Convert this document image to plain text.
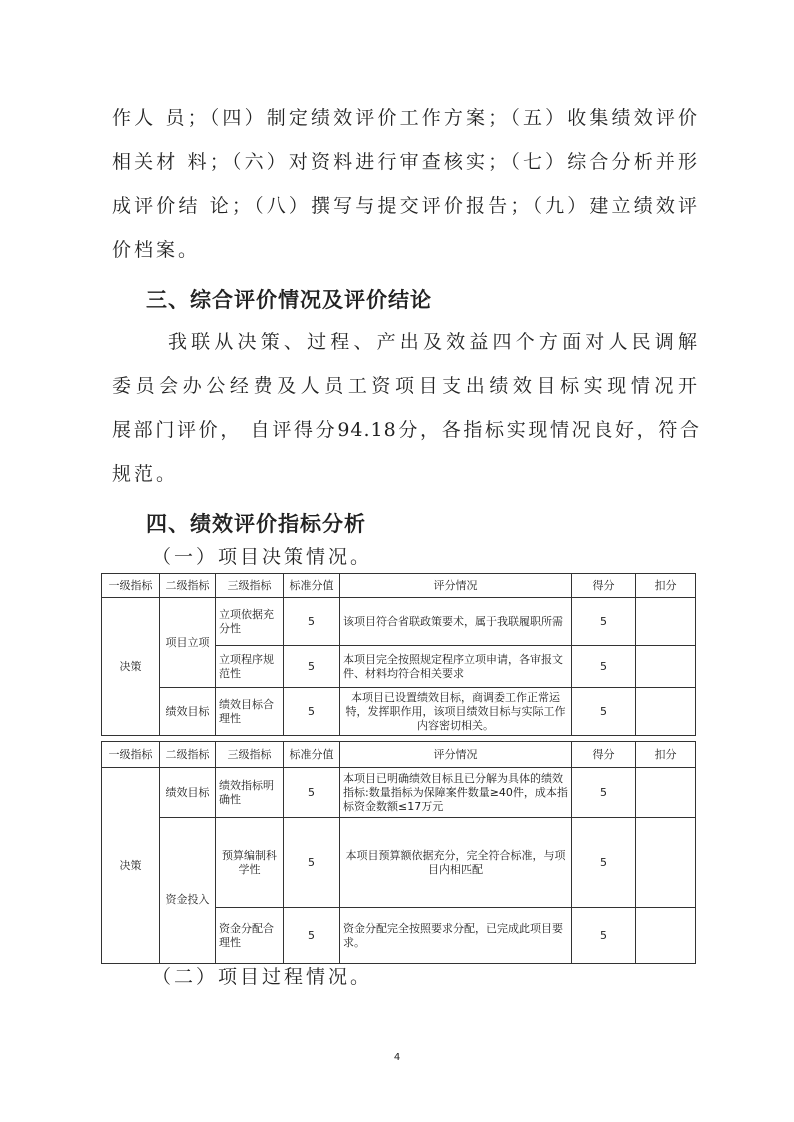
作人 员；（四）制定绩效评价工作方案；（五）收集绩效评价
相关材 料；（六）对资料进行审查核实；（七）综合分析并形
成评价结 论；（八）撰写与提交评价报告；（九）建立绩效评
价档案。
三、综合评价情况及评价结论
我联从决策、过程、产出及效益四个方面对人民调解
委员会办公经费及人员工资项目支出绩效目标实现情况开
展部门评价， 自评得分94.18分，各指标实现情况良好，符合
规范。
四、绩效评价指标分析
（一）项目决策情况。
一级指标	二级指标	三级指标	标准分值	评分情况	得分	扣分
决策	项目立项	立项依据充分性	5	该项目符合省联政策要术，属于我联履职所需	5	
		立项程序规范性	5	本项目完全按照规定程序立项申请，各审报文件、材料均符合相关要求	5	
	绩效目标	绩效目标合理性	5	本项目已设置绩效目标，商调委工作正常运特，发挥职作用，该项目绩效目标与实际工作内容密切相关。	5	
一级指标	二级指标	三级指标	标准分值	评分情况	得分	扣分
决策	绩效目标	绩效指标明确性	5	本项目已明确绩效目标且已分解为具体的绩效指标:数量指标为保障案件数量≥40件，成本指标资金数额≤17万元	5	
	资金投入	预算编制科学性	5	本项目预算额依据充分，完全符合标准，与项目内相匹配	5	
		资金分配合理性	5	资金分配完全按照要求分配，已完成此项目要求。	5	
（二）项目过程情况。
4
